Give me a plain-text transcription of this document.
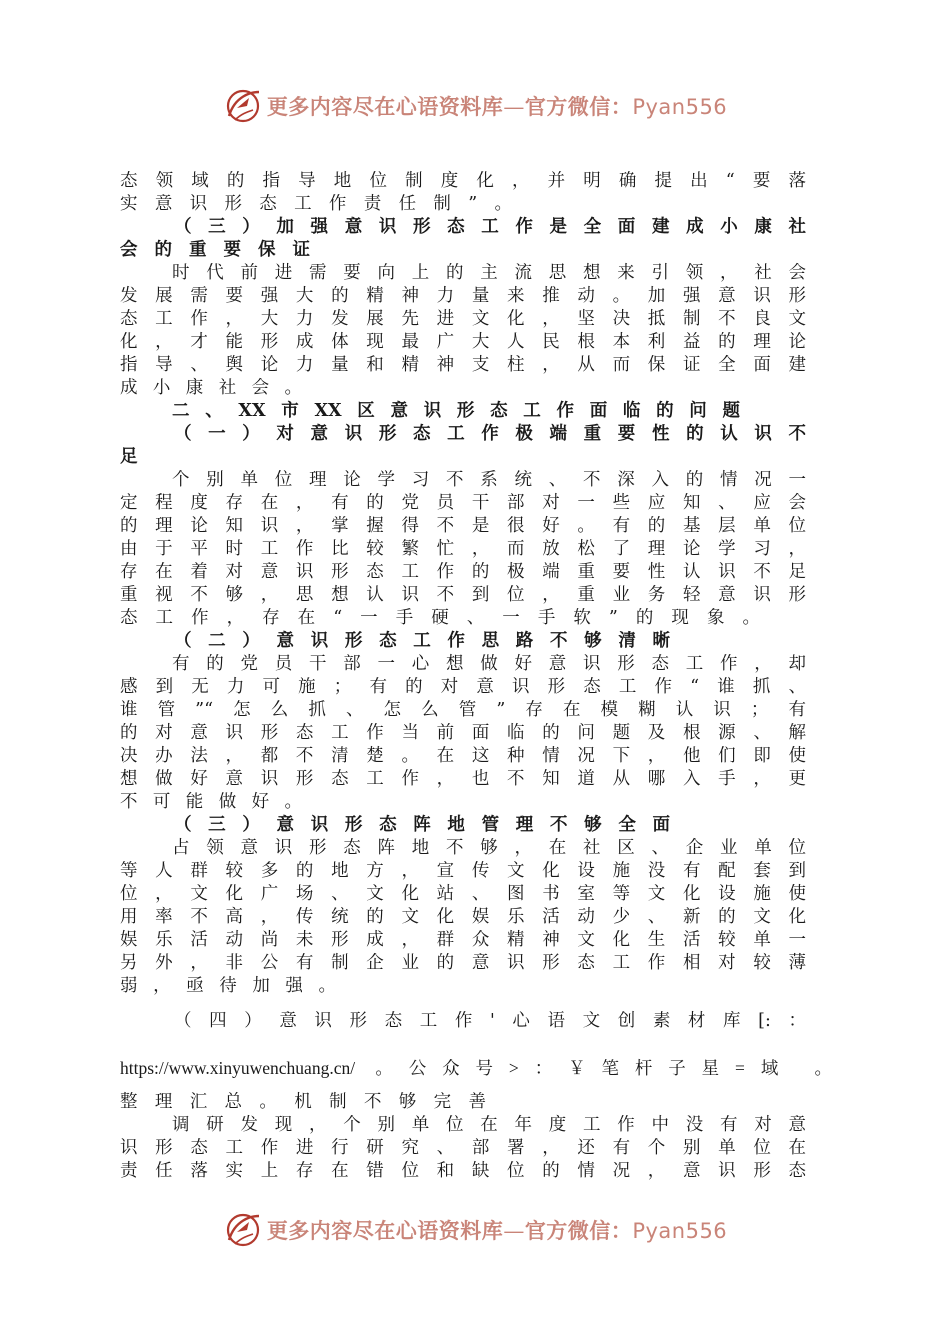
更多内容尽在心语资料库—官方微信：Pyan556
态领域的指导地位制度化，并明确提出“要落
实意识形态工作责任制”。
（三）加强意识形态工作是全面建成小康社
会的重要保证
时代前进需要向上的主流思想来引领，社会
发展需要强大的精神力量来推动。加强意识形
态工作，大力发展先进文化，坚决抵制不良文
化，才能形成体现最广大人民根本利益的理论
指导、舆论力量和精神支柱，从而保证全面建
成小康社会。
二、XX市XX区意识形态工作面临的问题
（一）对意识形态工作极端重要性的认识不
足
个别单位理论学习不系统、不深入的情况一
定程度存在，有的党员干部对一些应知、应会
的理论知识，掌握得不是很好。有的基层单位
由于平时工作比较繁忙，而放松了理论学习，
存在着对意识形态工作的极端重要性认识不足
重视不够，思想认识不到位，重业务轻意识形
态工作，存在“一手硬、一手软”的现象。
（二）意识形态工作思路不够清晰
有的党员干部一心想做好意识形态工作，却
感到无力可施；有的对意识形态工作“谁抓、
谁管”“怎么抓、怎么管”存在模糊认识；有
的对意识形态工作当前面临的问题及根源、解
决办法，都不清楚。在这种情况下，他们即使
想做好意识形态工作，也不知道从哪入手，更
不可能做好。
（三）意识形态阵地管理不够全面
占领意识形态阵地不够，在社区、企业单位
等人群较多的地方，宣传文化设施没有配套到
位，文化广场、文化站、图书室等文化设施使
用率不高，传统的文化娱乐活动少、新的文化
娱乐活动尚未形成，群众精神文化生活较单一
另外，非公有制企业的意识形态工作相对较薄
弱，亟待加强。
（四）意识形态工作'心语文创素材库[:：
https://www.xinyuwenchuang.cn/ 。公众号>：￥笔杆子星=域 。
整理汇总。机制不够完善
调研发现，个别单位在年度工作中没有对意
识形态工作进行研究、部署，还有个别单位在
责任落实上存在错位和缺位的情况，意识形态
更多内容尽在心语资料库—官方微信：Pyan556
